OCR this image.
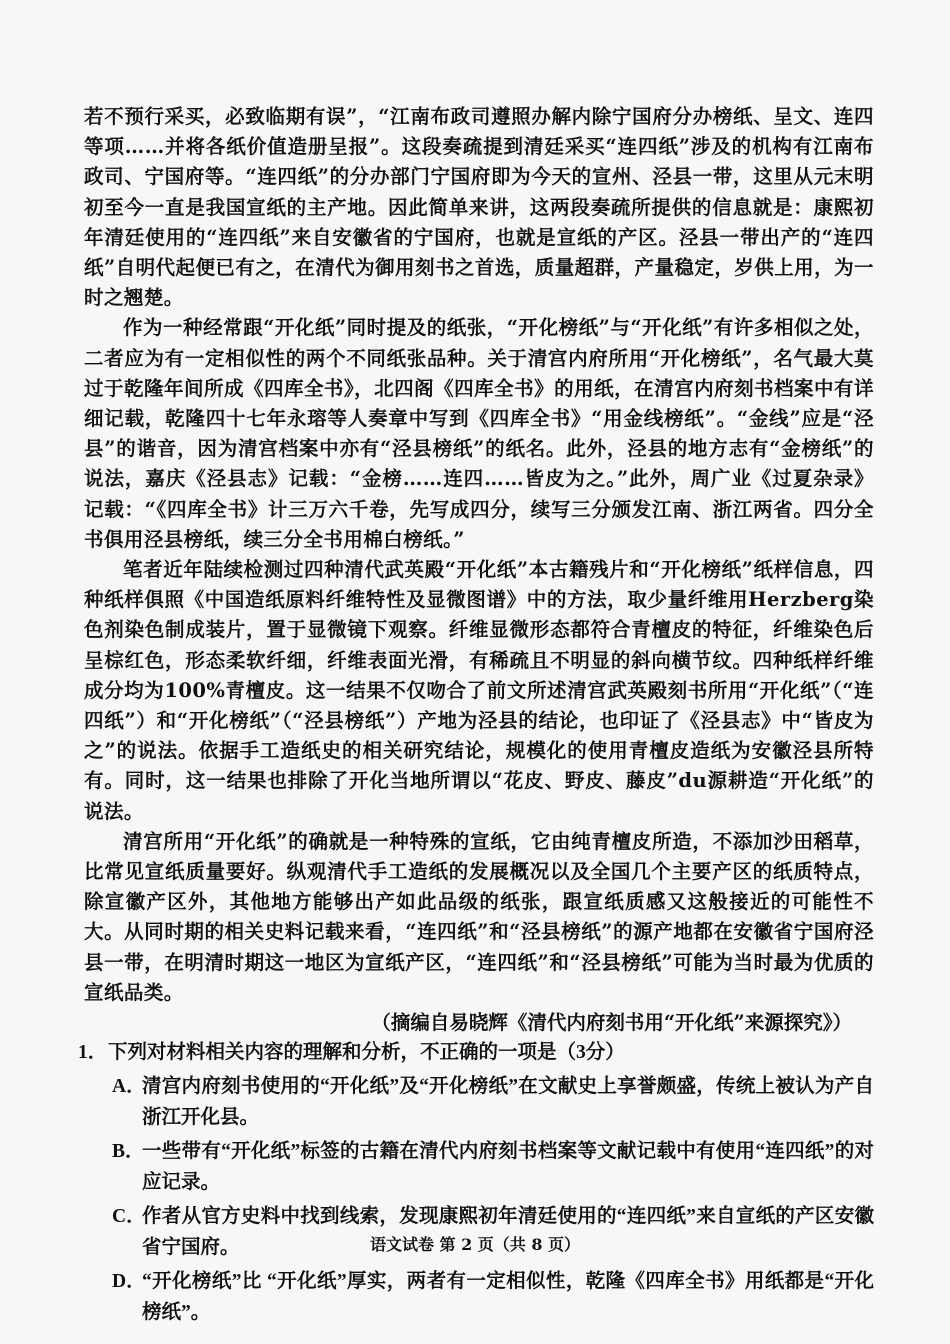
若不预行采买，必致临期有误”，“江南布政司遵照办解内除宁国府分办榜纸、呈文、连四等项……并将各纸价值造册呈报”。这段奏疏提到清廷采买“连四纸”涉及的机构有江南布政司、宁国府等。“连四纸”的分办部门宁国府即为今天的宣州、泾县一带，这里从元末明初至今一直是我国宣纸的主产地。因此简单来讲，这两段奏疏所提供的信息就是：康熙初年清廷使用的“连四纸”来自安徽省的宁国府，也就是宣纸的产区。泾县一带出产的“连四纸”自明代起便已有之，在清代为御用刻书之首选，质量超群，产量稳定，岁供上用，为一时之翘楚。

作为一种经常跟“开化纸”同时提及的纸张，“开化榜纸”与“开化纸”有许多相似之处，二者应为有一定相似性的两个不同纸张品种。关于清宫内府所用“开化榜纸”，名气最大莫过于乾隆年间所成《四库全书》，北四阁《四库全书》的用纸，在清宫内府刻书档案中有详细记载，乾隆四十七年永瑢等人奏章中写到《四库全书》“用金线榜纸”。“金线”应是“泾县”的谐音，因为清宫档案中亦有“泾县榜纸”的纸名。此外，泾县的地方志有“金榜纸”的说法，嘉庆《泾县志》记载：“金榜……连四……皆皮为之。”此外，周广业《过夏杂录》记载：“《四库全书》计三万六千卷，先写成四分，续写三分颁发江南、浙江两省。四分全书俱用泾县榜纸，续三分全书用棉白榜纸。”

笔者近年陆续检测过四种清代武英殿“开化纸”本古籍残片和“开化榜纸”纸样信息，四种纸样俱照《中国造纸原料纤维特性及显微图谱》中的方法，取少量纤维用Herzberg染色剂染色制成装片，置于显微镜下观察。纤维显微形态都符合青檀皮的特征，纤维染色后呈棕红色，形态柔软纤细，纤维表面光滑，有稀疏且不明显的斜向横节纹。四种纸样纤维成分均为100%青檀皮。这一结果不仅吻合了前文所述清宫武英殿刻书所用“开化纸”（“连四纸”）和“开化榜纸”（“泾县榜纸”）产地为泾县的结论，也印证了《泾县志》中“皆皮为之”的说法。依据手工造纸史的相关研究结论，规模化的使用青檀皮造纸为安徽泾县所特有。同时，这一结果也排除了开化当地所谓以“花皮、野皮、藤皮”du源耕造“开化纸”的说法。

清宫所用“开化纸”的确就是一种特殊的宣纸，它由纯青檀皮所造，不添加沙田稻草，比常见宣纸质量要好。纵观清代手工造纸的发展概况以及全国几个主要产区的纸质特点，除宣徽产区外，其他地方能够出产如此品级的纸张，跟宣纸质感又这般接近的可能性不大。从同时期的相关史料记载来看，“连四纸”和“泾县榜纸”的源产地都在安徽省宁国府泾县一带，在明清时期这一地区为宣纸产区，“连四纸”和“泾县榜纸”可能为当时最为优质的宣纸品类。

（摘编自易晓辉《清代内府刻书用“开化纸”来源探究》）

1． 下列对材料相关内容的理解和分析，不正确的一项是（3分）

A．
清宫内府刻书使用的“开化纸”及“开化榜纸”在文献史上享誉颇盛，传统上被认为产自浙江开化县。

B．
一些带有“开化纸”标签的古籍在清代内府刻书档案等文献记载中有使用“连四纸”的对应记录。

C．
作者从官方史料中找到线索，发现康熙初年清廷使用的“连四纸”来自宣纸的产区安徽省宁国府。

D．
“开化榜纸”比 “开化纸”厚实，两者有一定相似性，乾隆《四库全书》用纸都是“开化榜纸”。

语文试卷 第 2 页（共 8 页）
